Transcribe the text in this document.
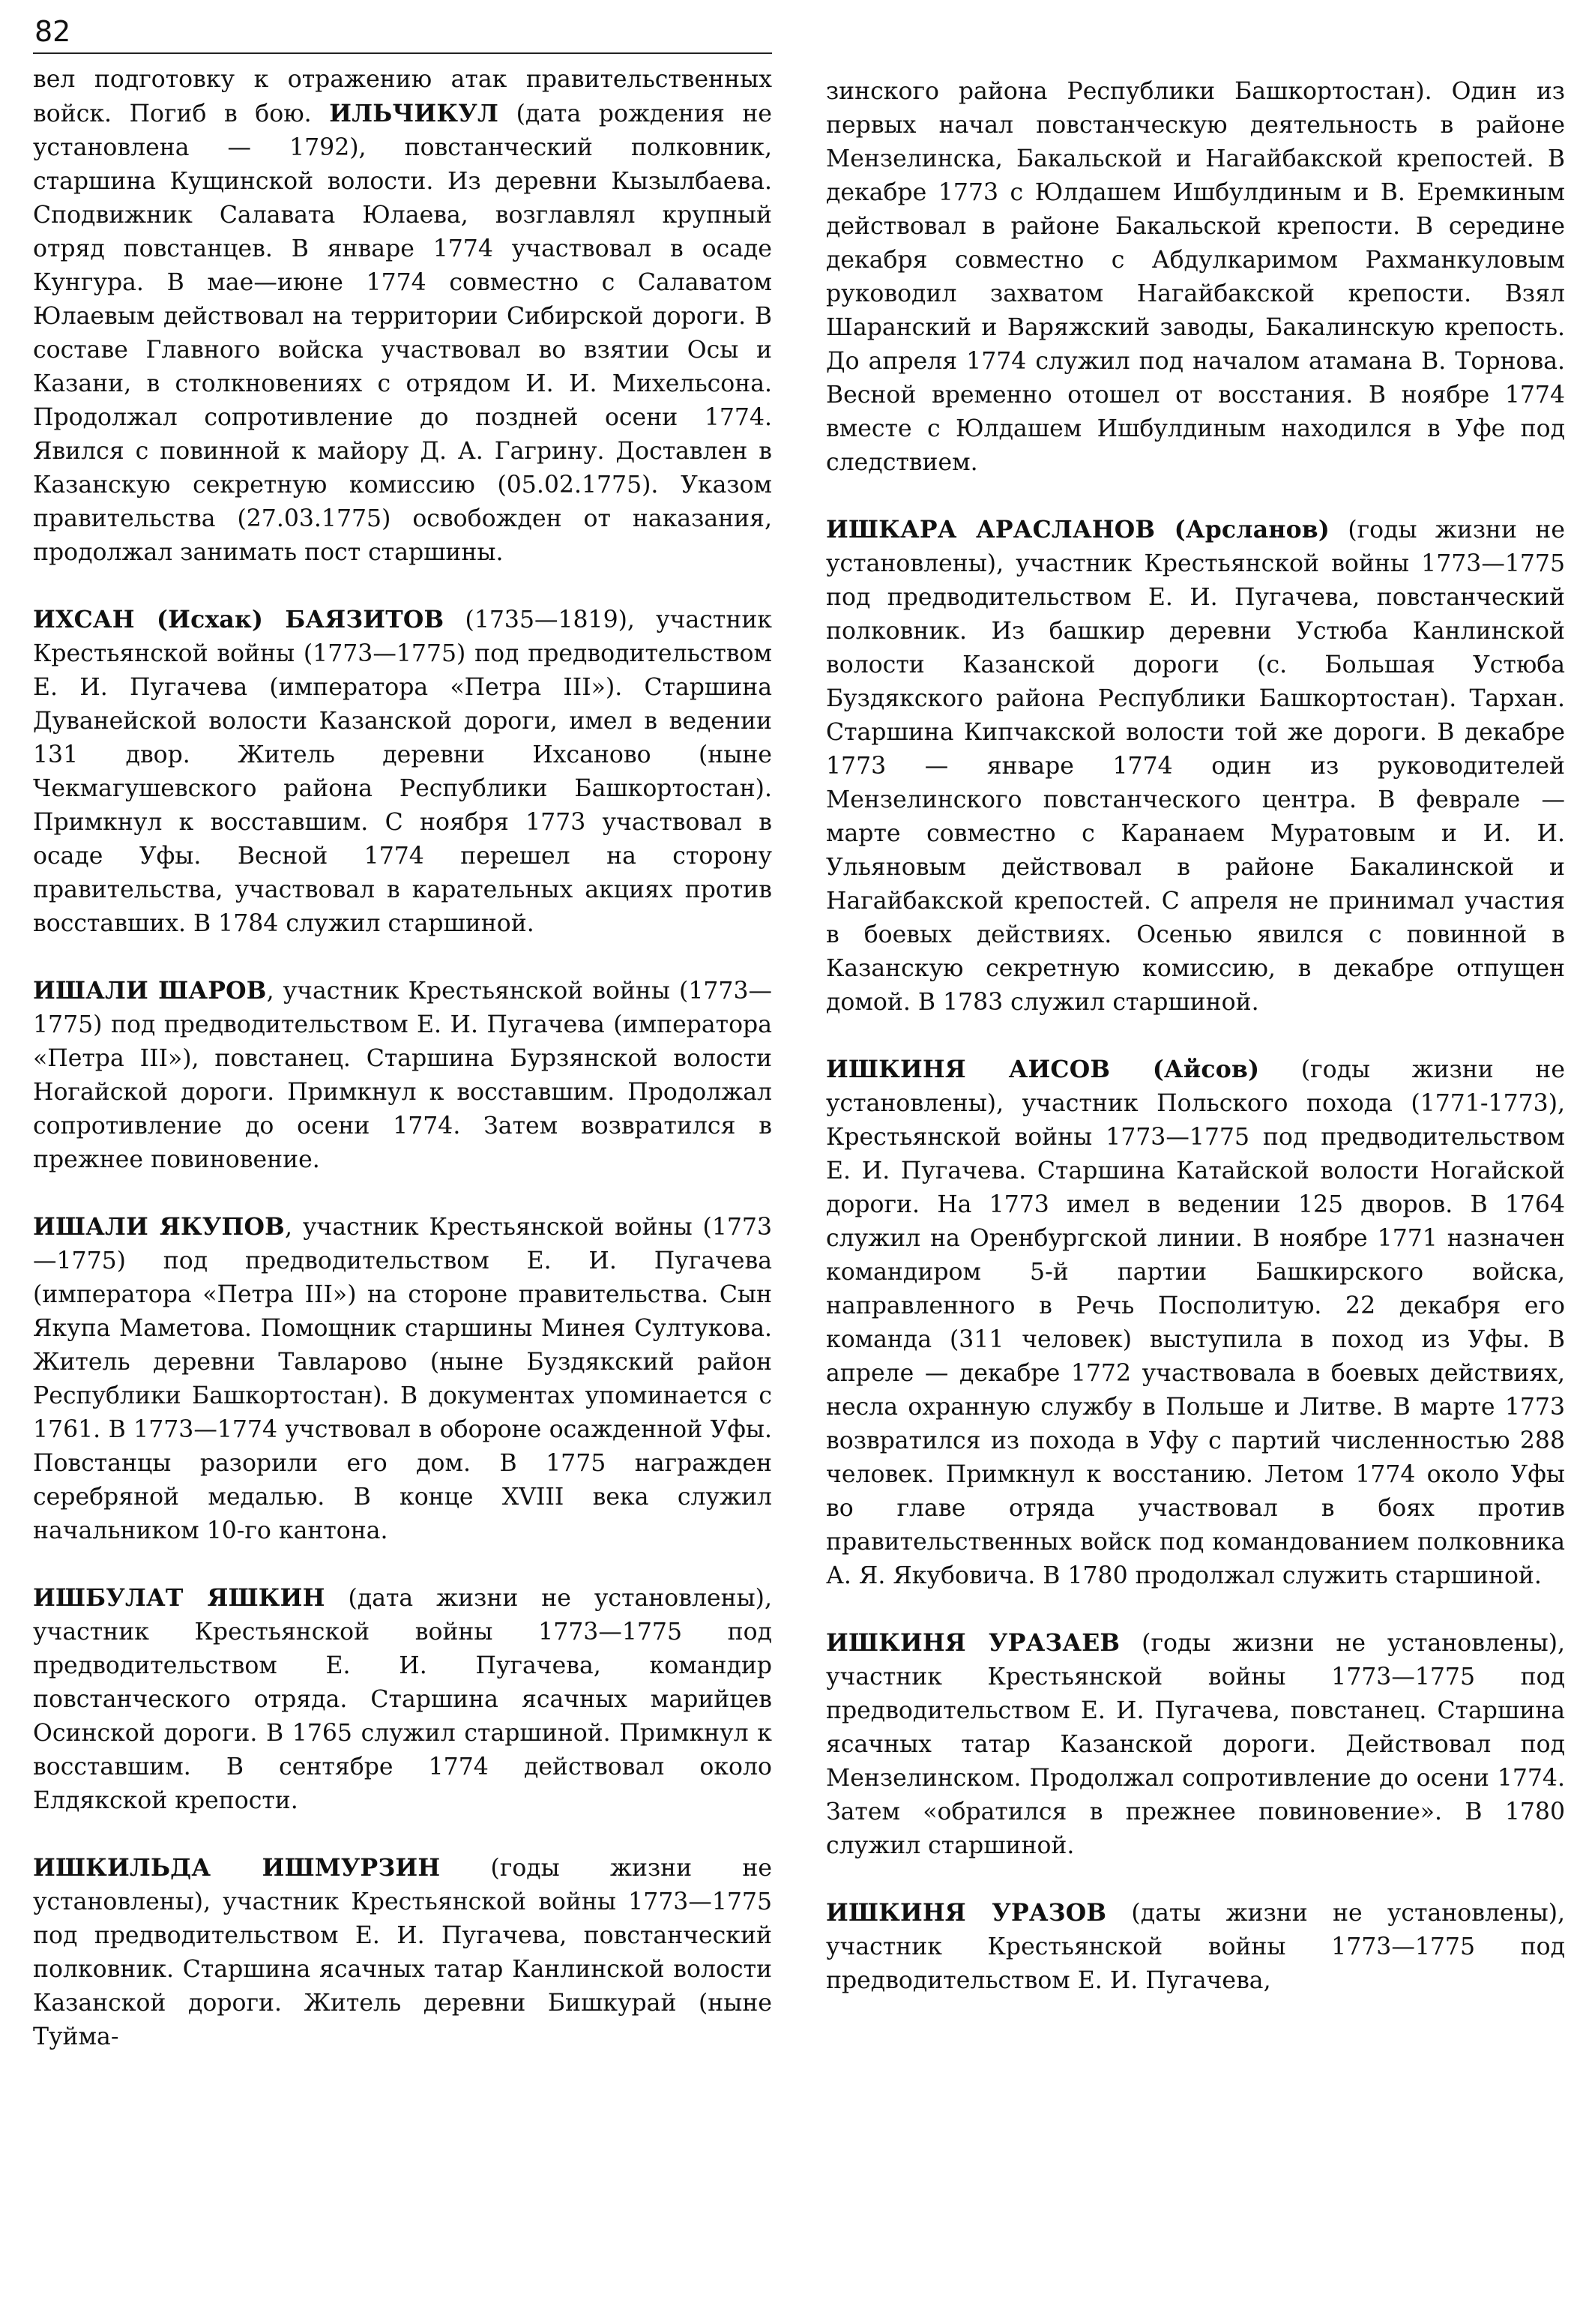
82

вел подготовку к отражению атак правительственных войск. Погиб в бою. ИЛЬЧИКУЛ (дата рождения не установлена — 1792), повстанческий полковник, старшина Кущинской волости. Из деревни Кызылбаева. Сподвижник Салавата Юлаева, возглавлял крупный отряд повстанцев. В январе 1774 участвовал в осаде Кунгура. В мае—июне 1774 совместно с Салаватом Юлаевым действовал на территории Сибирской дороги. В составе Главного войска участвовал во взятии Осы и Казани, в столкновениях с отрядом И. И. Михельсона. Продолжал сопротивление до поздней осени 1774. Явился с повинной к майору Д. А. Гагрину. Доставлен в Казанскую секретную комиссию (05.02.1775). Указом правительства (27.03.1775) освобожден от наказания, продолжал занимать пост старшины.

ИХСАН (Исхак) БАЯЗИТОВ (1735—1819), участник Крестьянской войны (1773—1775) под предводительством Е. И. Пугачева (императора «Петра III»). Старшина Дуванейской волости Казанской дороги, имел в ведении 131 двор. Житель деревни Ихсаново (ныне Чекмагушевского района Республики Башкортостан). Примкнул к восставшим. С ноября 1773 участвовал в осаде Уфы. Весной 1774 перешел на сторону правительства, участвовал в карательных акциях против восставших. В 1784 служил старшиной.

ИШАЛИ ШАРОВ, участник Крестьянской войны (1773—1775) под предводительством Е. И. Пугачева (императора «Петра III»), повстанец. Старшина Бурзянской волости Ногайской дороги. Примкнул к восставшим. Продолжал сопротивление до осени 1774. Затем возвратился в прежнее повиновение.

ИШАЛИ ЯКУПОВ, участник Крестьянской войны (1773—1775) под предводительством Е. И. Пугачева (императора «Петра III») на стороне правительства. Сын Якупа Маметова. Помощник старшины Минея Султукова. Житель деревни Тавларово (ныне Буздякский район Республики Башкортостан). В документах упоминается с 1761. В 1773—1774 учствовал в обороне осажденной Уфы. Повстанцы разорили его дом. В 1775 награжден серебряной медалью. В конце XVIII века служил начальником 10-го кантона.

ИШБУЛАТ ЯШКИН (дата жизни не установлены), участник Крестьянской войны 1773—1775 под предводительством Е. И. Пугачева, командир повстанческого отряда. Старшина ясачных марийцев Осинской дороги. В 1765 служил старшиной. Примкнул к восставшим. В сентябре 1774 действовал около Елдякской крепости.

ИШКИЛЬДА ИШМУРЗИН (годы жизни не установлены), участник Крестьянской войны 1773—1775 под предводительством Е. И. Пугачева, повстанческий полковник. Старшина ясачных татар Канлинской волости Казанской дороги. Житель деревни Бишкурай (ныне Туйма-

зинского района Республики Башкортостан). Один из первых начал повстанческую деятельность в районе Мензелинска, Бакальской и Нагайбакской крепостей. В декабре 1773 с Юлдашем Ишбулдиным и В. Еремкиным действовал в районе Бакальской крепости. В середине декабря совместно с Абдулкаримом Рахманкуловым руководил захватом Нагайбакской крепости. Взял Шаранский и Варяжский заводы, Бакалинскую крепость. До апреля 1774 служил под началом атамана В. Торнова. Весной временно отошел от восстания. В ноябре 1774 вместе с Юлдашем Ишбулдиным находился в Уфе под следствием.

ИШКАРА АРАСЛАНОВ (Арсланов) (годы жизни не установлены), участник Крестьянской войны 1773—1775 под предводительством Е. И. Пугачева, повстанческий полковник. Из башкир деревни Устюба Канлинской волости Казанской дороги (с. Большая Устюба Буздякского района Республики Башкортостан). Тархан. Старшина Кипчакской волости той же дороги. В декабре 1773 — январе 1774 один из руководителей Мензелинского повстанческого центра. В феврале — марте совместно с Каранаем Муратовым и И. И. Ульяновым действовал в районе Бакалинской и Нагайбакской крепостей. С апреля не принимал участия в боевых действиях. Осенью явился с повинной в Казанскую секретную комиссию, в декабре отпущен домой. В 1783 служил старшиной.

ИШКИНЯ АИСОВ (Айсов) (годы жизни не установлены), участник Польского похода (1771-1773), Крестьянской войны 1773—1775 под предводительством Е. И. Пугачева. Старшина Катайской волости Ногайской дороги. На 1773 имел в ведении 125 дворов. В 1764 служил на Оренбургской линии. В ноябре 1771 назначен командиром 5-й партии Башкирского войска, направленного в Речь Посполитую. 22 декабря его команда (311 человек) выступила в поход из Уфы. В апреле — декабре 1772 участвовала в боевых действиях, несла охранную службу в Польше и Литве. В марте 1773 возвратился из похода в Уфу с партий численностью 288 человек. Примкнул к восстанию. Летом 1774 около Уфы во главе отряда участвовал в боях против правительственных войск под командованием полковника А. Я. Якубовича. В 1780 продолжал служить старшиной.

ИШКИНЯ УРАЗАЕВ (годы жизни не установлены), участник Крестьянской войны 1773—1775 под предводительством Е. И. Пугачева, повстанец. Старшина ясачных татар Казанской дороги. Действовал под Мензелинском. Продолжал сопротивление до осени 1774. Затем «обратился в прежнее повиновение». В 1780 служил старшиной.

ИШКИНЯ УРАЗОВ (даты жизни не установлены), участник Крестьянской войны 1773—1775 под предводительством Е. И. Пугачева,
